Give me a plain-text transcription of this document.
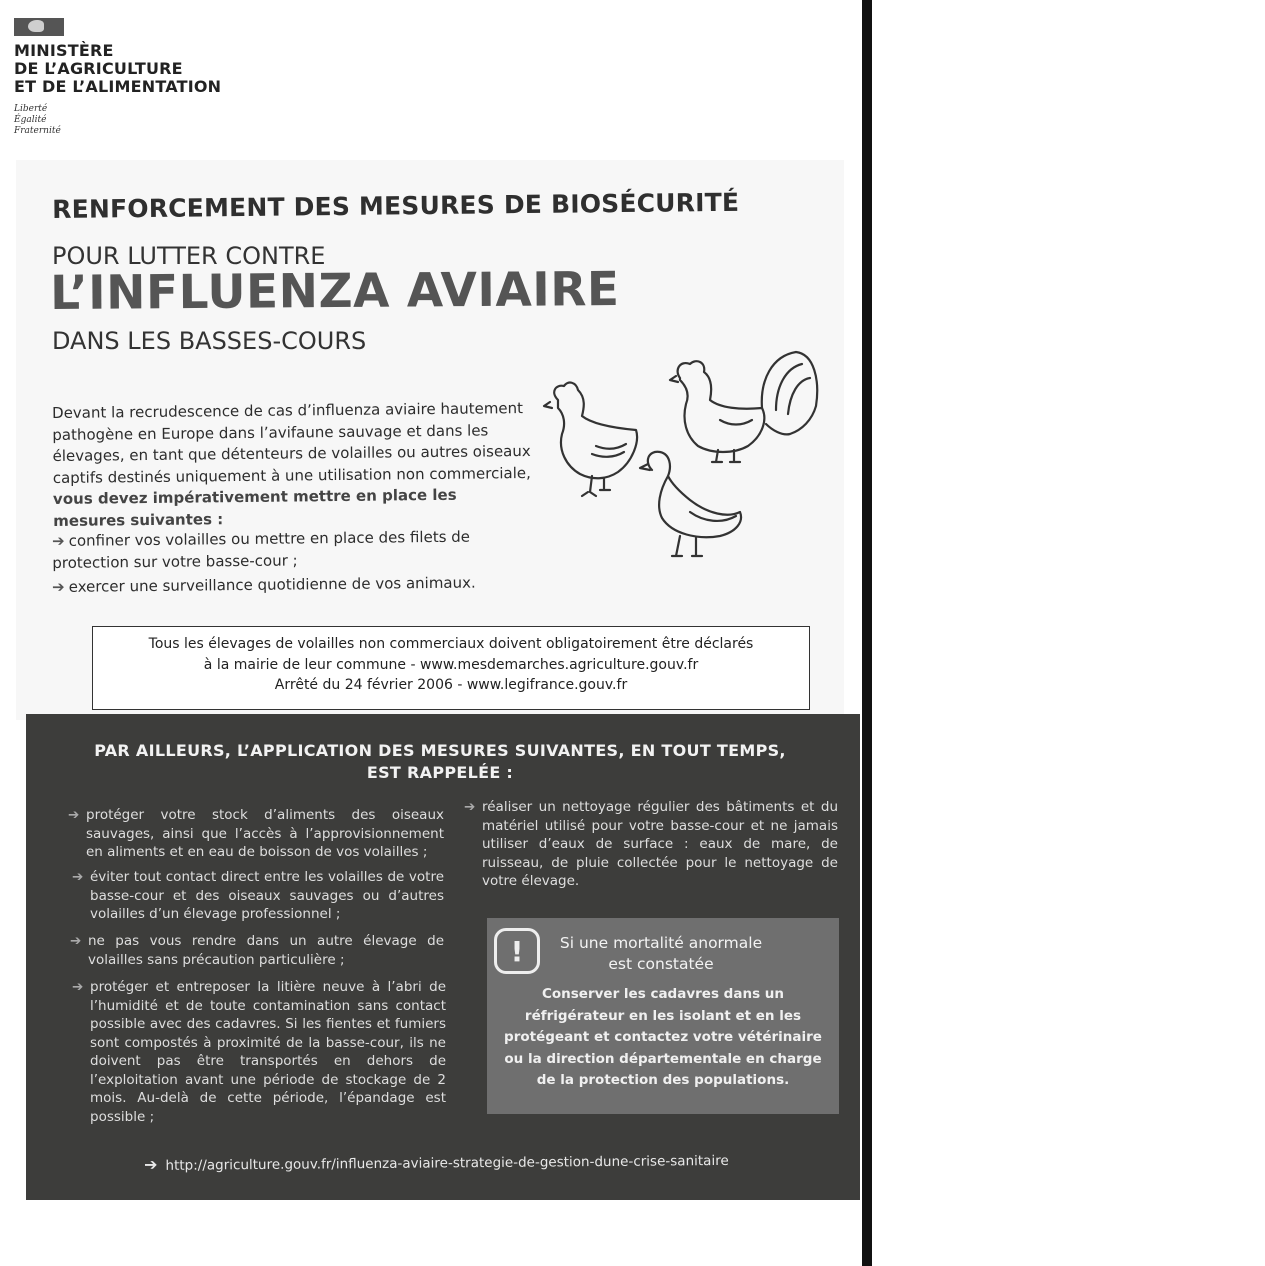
MINISTÈRE
DE L’AGRICULTURE
ET DE L’ALIMENTATION
Liberté
Égalité
Fraternité
RENFORCEMENT DES MESURES DE BIOSÉCURITÉ
POUR LUTTER CONTRE
L’INFLUENZA AVIAIRE
DANS LES BASSES-COURS
Devant la recrudescence de cas d’influenza aviaire hautement pathogène en Europe dans l’avifaune sauvage et dans les élevages, en tant que détenteurs de volailles ou autres oiseaux captifs destinés uniquement à une utilisation non commerciale, vous devez impérativement mettre en place les mesures suivantes :
➔ confiner vos volailles ou mettre en place des filets de protection sur votre basse-cour ;
➔ exercer une surveillance quotidienne de vos animaux.
Tous les élevages de volailles non commerciaux doivent obligatoirement être déclarés
à la mairie de leur commune - www.mesdemarches.agriculture.gouv.fr
Arrêté du 24 février 2006 - www.legifrance.gouv.fr
PAR AILLEURS, L’APPLICATION DES MESURES SUIVANTES, EN TOUT TEMPS,
EST RAPPELÉE :
➔ protéger votre stock d’aliments des oiseaux sauvages, ainsi que l’accès à l’approvisionnement en aliments et en eau de boisson de vos volailles ;
➔ éviter tout contact direct entre les volailles de votre basse-cour et des oiseaux sauvages ou d’autres volailles d’un élevage professionnel ;
➔ ne pas vous rendre dans un autre élevage de volailles sans précaution particulière ;
➔ protéger et entreposer la litière neuve à l’abri de l’humidité et de toute contamination sans contact possible avec des cadavres. Si les fientes et fumiers sont compostés à proximité de la basse-cour, ils ne doivent pas être transportés en dehors de l’exploitation avant une période de stockage de 2 mois. Au-delà de cette période, l’épandage est possible ;
➔ réaliser un nettoyage régulier des bâtiments et du matériel utilisé pour votre basse-cour et ne jamais utiliser d’eaux de surface : eaux de mare, de ruisseau, de pluie collectée pour le nettoyage de votre élevage.
!	Si une mortalité anormale
est constatée
Conserver les cadavres dans un réfrigérateur en les isolant et en les protégeant et contactez votre vétérinaire ou la direction départementale en charge de la protection des populations.
➔ http://agriculture.gouv.fr/influenza-aviaire-strategie-de-gestion-dune-crise-sanitaire
